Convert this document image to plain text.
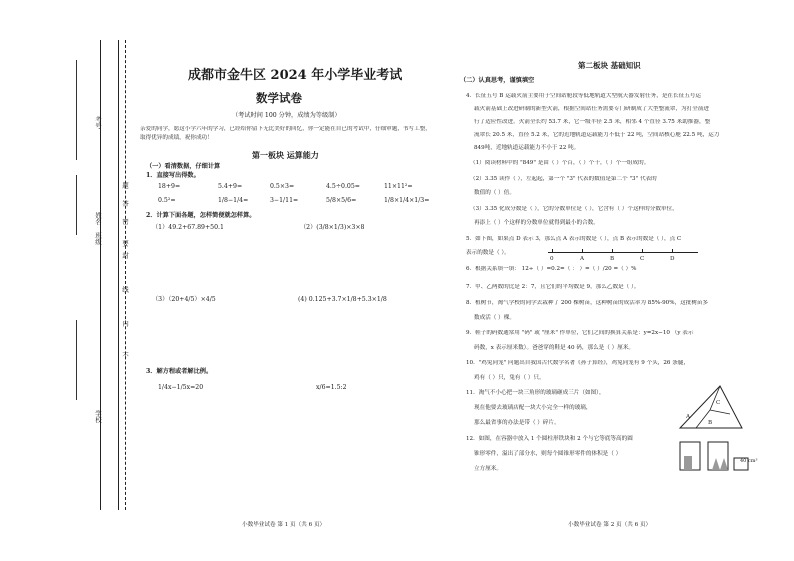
考号
姓名
班级
学校
密
封
线
内
不
要
答
题
成都市金牛区 2024 年小学毕业考试
数学试卷
（考试时间 100 分钟，成绩为等级制）
亲爱的同学，愿这小学六年的学习，已经给你留下无比美好的回忆，你一定能在自已的考试中，仔细审题，书写工整，
取得优异的成绩，祝你成功！
第一板块 运算能力
（一）看清数据，仔细计算
1．直接写出得数。
18+9=	5.4+9=	0.5×3=	4.5÷0.05=	11×11²=
0.5²=	1/8−1/4=	3−1/11=	5/8×5/6=	1/8×1/4×1/3=
2．计算下面各题，怎样简便就怎样算。
（1）49.2+67.89+50.1	（2）(3/8×1/3)×3×8
（3）（20+4/5）×4/5	(4) 0.125+3.7×1/8+5.3×1/8
3．解方程或者解比例。
1/4x−1/5x=20	x/6=1.5:2
小数毕业试卷 第 1 页（共 6 页）
第二板块 基础知识
（二）认真思考，谨慎填空
4．长征五号 B 运载火箭主要用于空间站舱段等低地轨道大型航天器发射任务，是在长征五号运
载火箭基础上改进研制的新型火箭，根据空间站任务需要专门研制成了大型整流罩，为打全箭进
行了适应性改进。火箭全长约 53.7 米，它一级半径 2.5 米，相邻 4 个直径 3.75 米助推器，整
流罩长 20.5 米，直径 5.2 米，它的近地轨道运载能力不低于 22 吨，空间站核心舱 22.5 吨，运力
849吨，近地轨道运载能力不小于 22 吨。
（1）阅读材料中的 "849" 是由（ ）个百，（ ）个十，（ ）个一组成的。
（2）3.35 读作（ ），左起起，第一个 "3" 代表的数值是第二个 "3" 代表的
数值的（ ）倍。
（3）3.35 化成分数是（ ），它的分数单位是（ ），它含有（ ）个这样的分数单位，
再添上（ ）个这样的分数单位就得到最小的合数。
5．如下图，如果点 D 表示 3，那么点 A 表示的数是（ ），点 B 表示的数是（ ），点 C
表示的数是（ ）。
0	A	B	C	D
6．根据关系填一填： 12÷（ ）=0.2=（ ： ）=（ ）/20 =（ ）%
7．甲、乙两数的比是 2：7，且它们的平均数是 9，那么乙数是（ ）。
8．植树节，淘气学校的同学去栽种了 200 棵树苗，这种树苗的成活率为 85%-90%，这批树苗多
数成活（ ）棵。
9．鞋子的码数通常用 "码" 或 "厘米" 作单位，它们之间的换算关系是：y=2x−10 （y 表示
码数，x 表示厘米数）。爸爸穿的鞋是 40 码，那么是（ ）厘米。
10．"鸡兔同笼" 问题出自我国古代数学名著《孙子算经》，鸡兔同笼有 9 个头，26 条腿，
鸡有（ ）只，兔有（ ）只。
11．淘气不小心把一块三角形的玻璃砸成三片（如图），
现在他要去玻璃店配一块大小完全一样的玻璃，
那么最省事的办法是带（ ）碎片。
A
B
C
12．如图，在容器中放入 1 个圆柱形铁块和 2 个与它等底等高的圆
锥形零件，溢出了部分水，则每个圆锥形零件的体积是（ ）
立方厘米。
40 cm³
小数毕业试卷 第 2 页（共 6 页）
